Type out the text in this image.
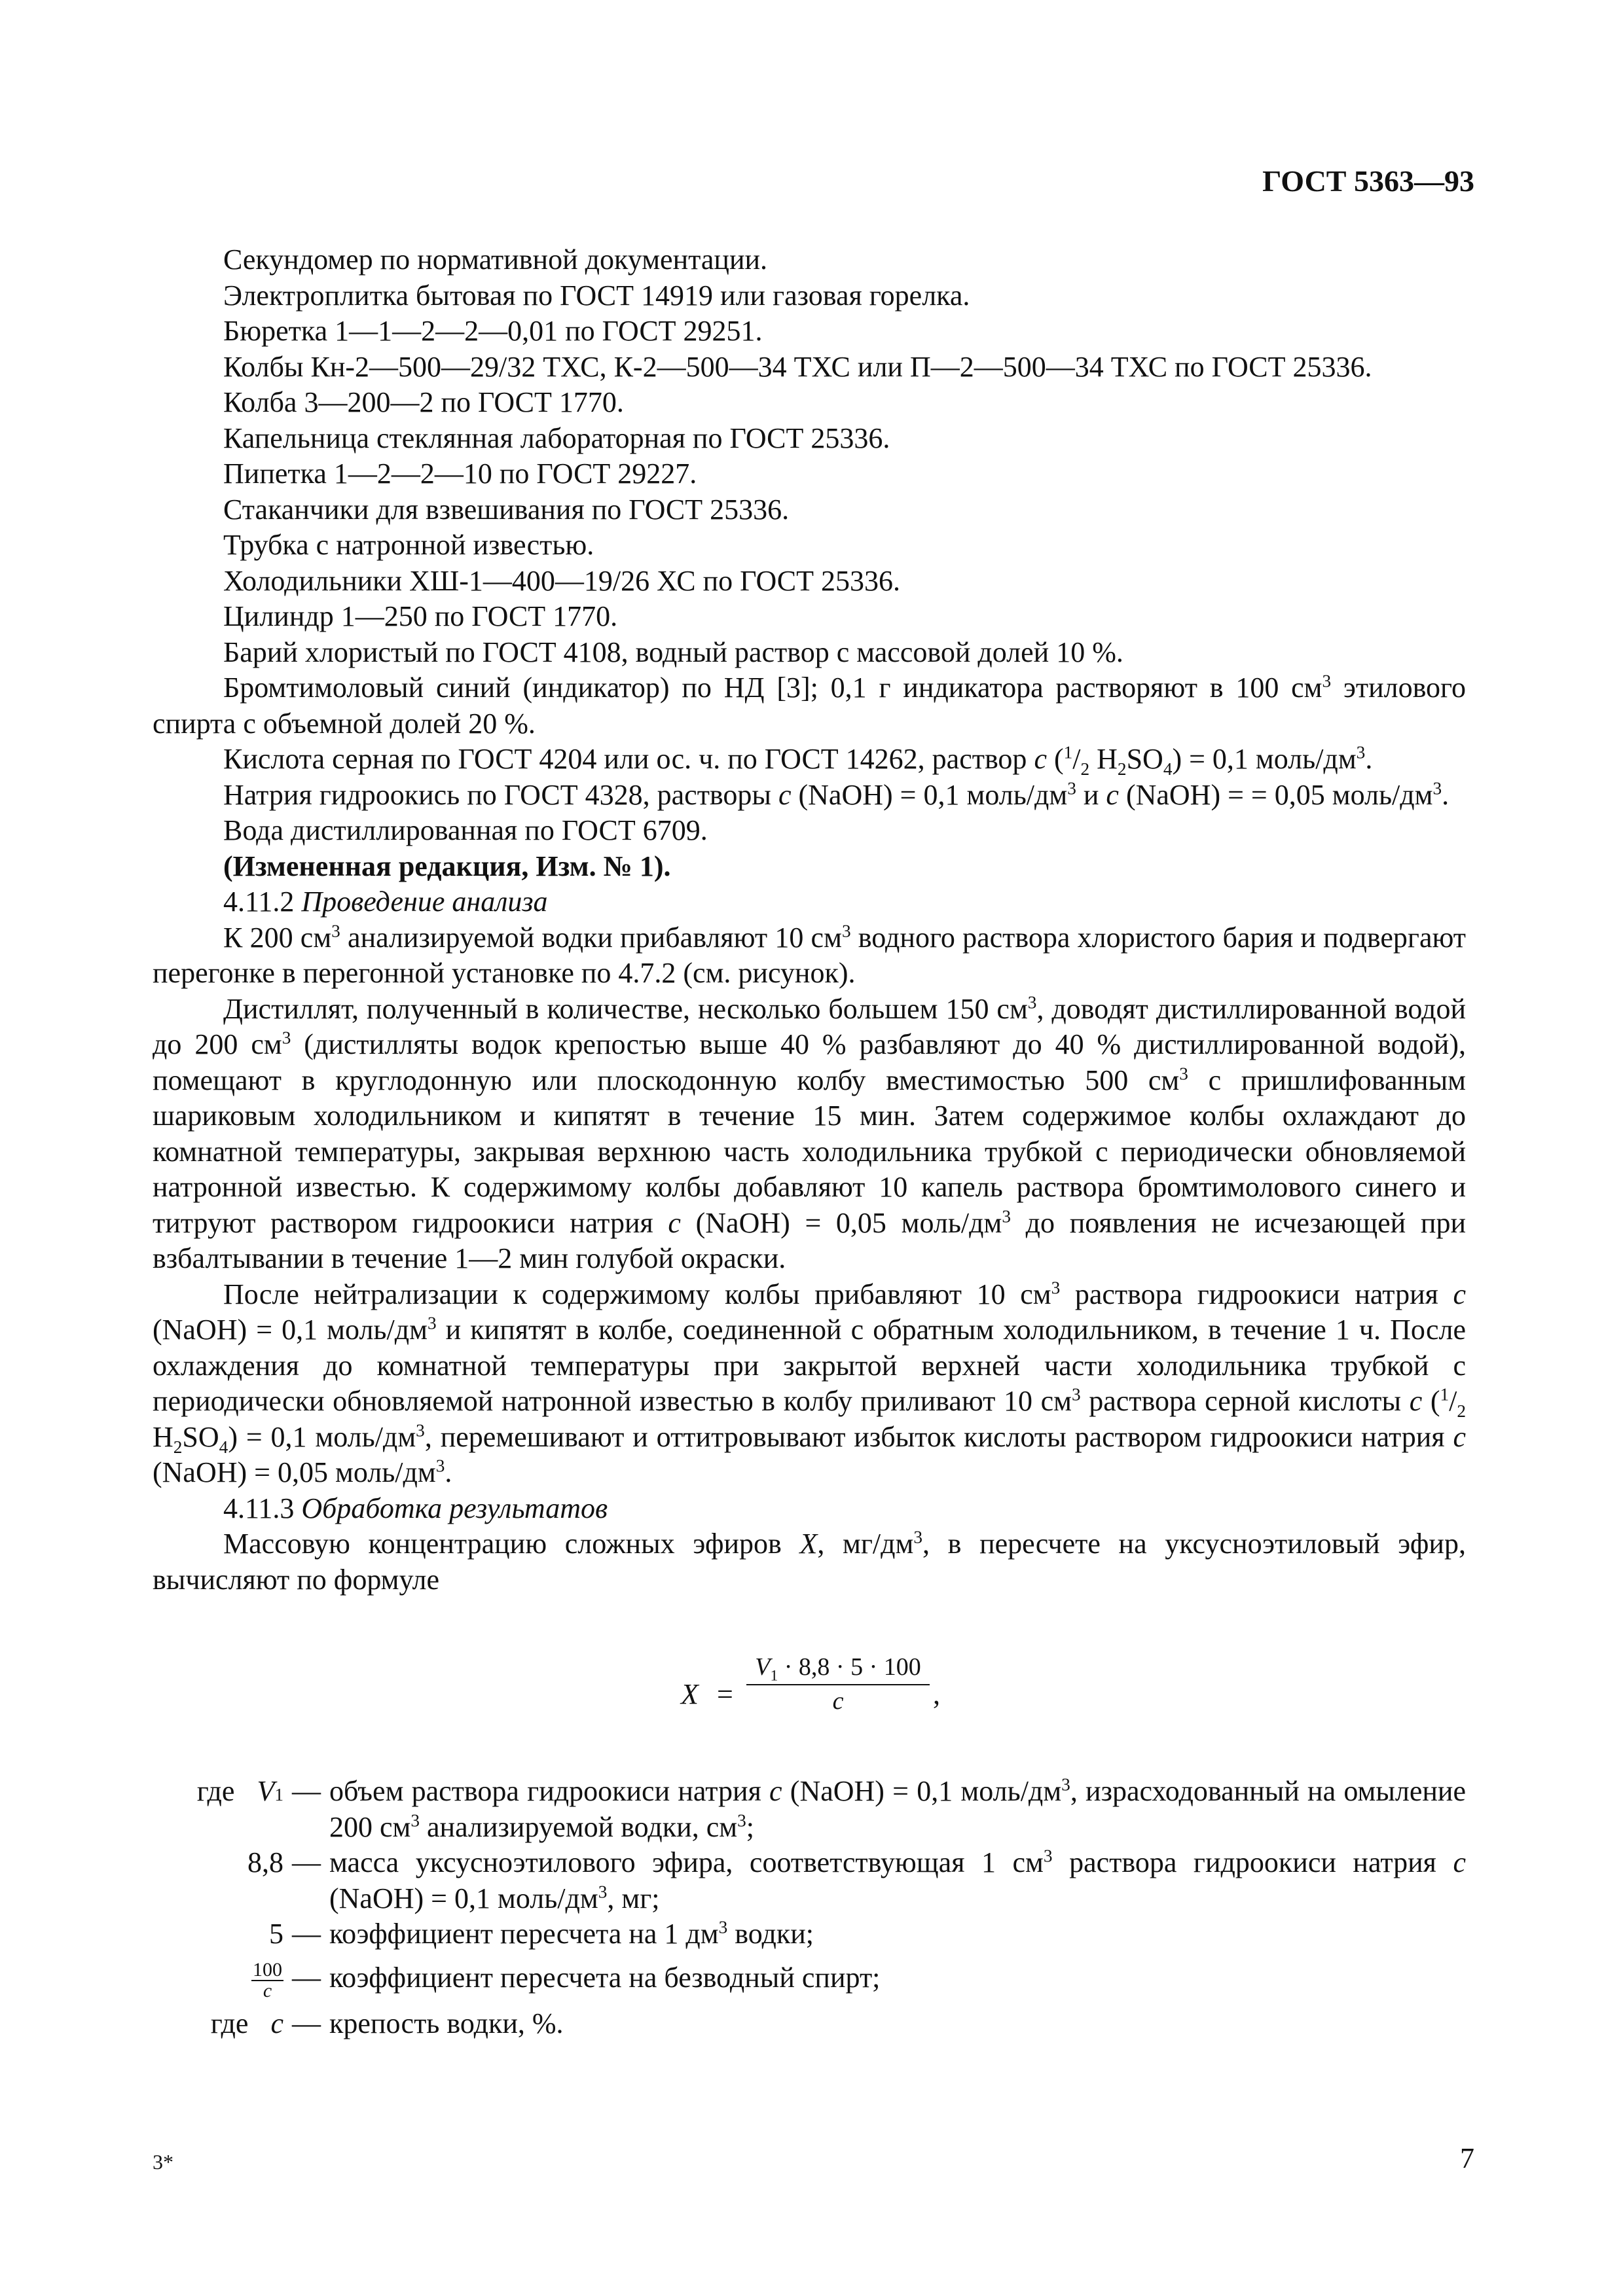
ГОСТ 5363—93

Секундомер по нормативной документации.

Электроплитка бытовая по ГОСТ 14919 или газовая горелка.

Бюретка 1—1—2—2—0,01 по ГОСТ 29251.

Колбы Кн-2—500—29/32 ТХС, К-2—500—34 ТХС или П—2—500—34 ТХС по ГОСТ 25336.

Колба 3—200—2 по ГОСТ 1770.

Капельница стеклянная лабораторная по ГОСТ 25336.

Пипетка 1—2—2—10 по ГОСТ 29227.

Стаканчики для взвешивания по ГОСТ 25336.

Трубка с натронной известью.

Холодильники ХШ-1—400—19/26 ХС по ГОСТ 25336.

Цилиндр 1—250 по ГОСТ 1770.

Барий хлористый по ГОСТ 4108, водный раствор с массовой долей 10 %.

Бромтимоловый синий (индикатор) по НД [3]; 0,1 г индикатора растворяют в 100 $см^3$ этилового спирта с объемной долей 20 %.

Кислота серная по ГОСТ 4204 или ос. ч. по ГОСТ 14262, раствор c ($^1/_2$ $H_2SO_4) = 0,1$ моль/$дм^3$.

Натрия гидроокись по ГОСТ 4328, растворы c (NaOH) = 0,1 моль/$дм^3$ и c (NaOH) = = 0,05 моль/$дм^3$.

Вода дистиллированная по ГОСТ 6709.

(Измененная редакция, Изм. № 1).

4.11.2 Проведение анализа

К 200 $см^3$ анализируемой водки прибавляют 10 $см^3$ водного раствора хлористого бария и подвергают перегонке в перегонной установке по 4.7.2 (см. рисунок).

Дистиллят, полученный в количестве, несколько большем 150 $см^3$, доводят дистиллированной водой до 200 $см^3$ (дистилляты водок крепостью выше 40 % разбавляют до 40 % дистиллированной водой), помещают в круглодонную или плоскодонную колбу вместимостью 500 $см^3$ с пришлифованным шариковым холодильником и кипятят в течение 15 мин. Затем содержимое колбы охлаждают до комнатной температуры, закрывая верхнюю часть холодильника трубкой с периодически обновляемой натронной известью. К содержимому колбы добавляют 10 капель раствора бромтимолового синего и титруют раствором гидроокиси натрия c (NaOH) = 0,05 моль/$дм^3$ до появления не исчезающей при взбалтывании в течение 1—2 мин голубой окраски.

После нейтрализации к содержимому колбы прибавляют 10 $см^3$ раствора гидроокиси натрия c (NaOH) = 0,1 моль/$дм^3$ и кипятят в колбе, соединенной с обратным холодильником, в течение 1 ч. После охлаждения до комнатной температуры при закрытой верхней части холодильника трубкой с периодически обновляемой натронной известью в колбу приливают 10 $см^3$ раствора серной кислоты c ($^1/_2$ $H_2SO_4) = 0,1$ моль/$дм^3$, перемешивают и оттитровывают избыток кислоты раствором гидроокиси натрия c (NaOH) = 0,05 моль/$дм^3$.

4.11.3 Обработка результатов

Массовую концентрацию сложных эфиров X, $мг/дм^3$, в пересчете на уксусноэтиловый эфир, вычисляют по формуле

$X = \frac{V_1 \cdot 8,8 \cdot 5 \cdot 100}{c}$ ,
где V 1 — объем раствора гидроокиси натрия c (NaOH) = 0,1 моль/$дм^3$, израсходованный на омыление 200 $см^3$ анализируемой водки, $см^3$;
8,8 — масса уксусноэтилового эфира, соответствующая 1 $см^3$ раствора гидроокиси натрия c (NaOH) = 0,1 моль/$дм^3$, мг;
5 — коэффициент пересчета на 1 $дм^3$ водки;
$\frac{100}{c}$ — коэффициент пересчета на безводный спирт;
где c — крепость водки, %.
3*	7
